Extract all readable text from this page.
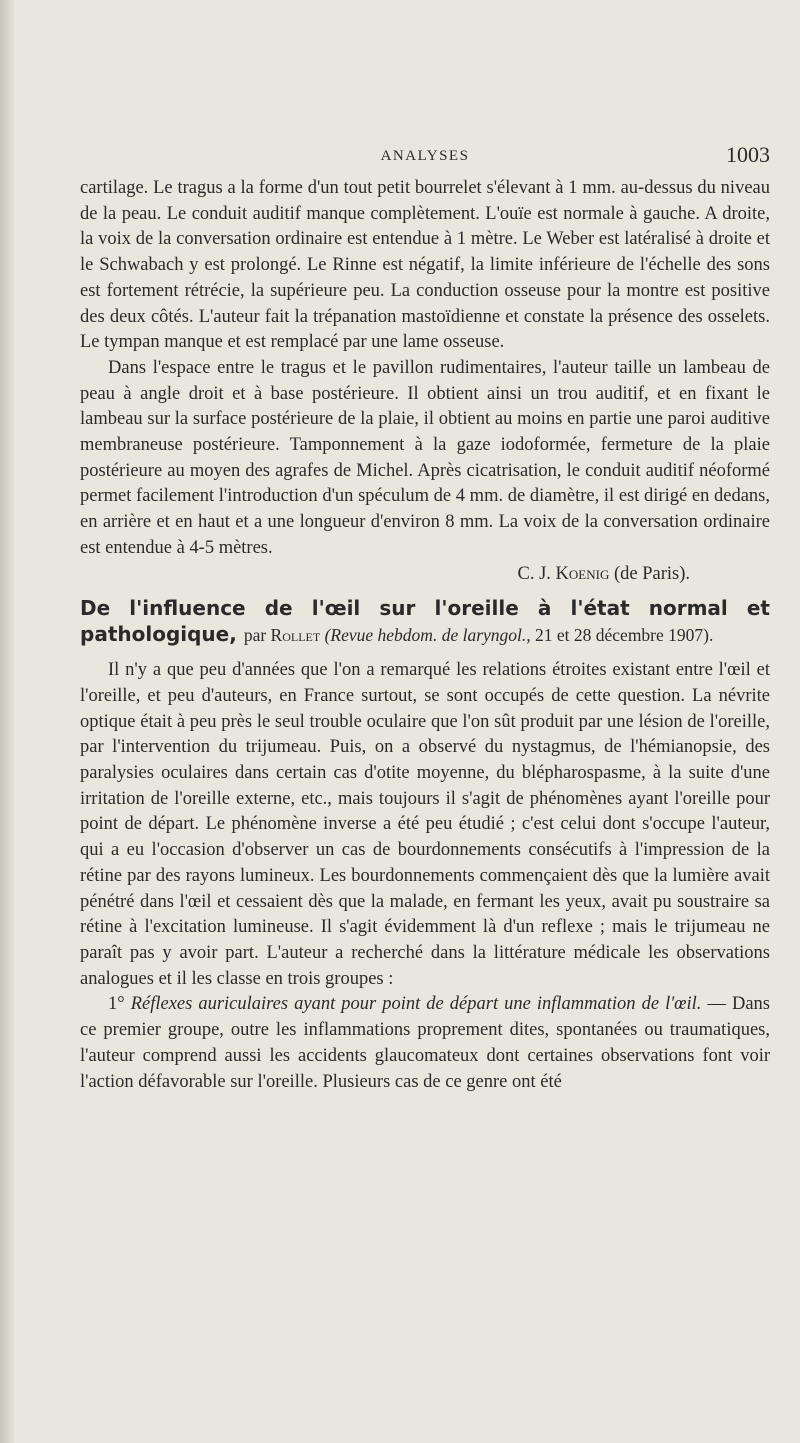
ANALYSES	1003

cartilage. Le tragus a la forme d'un tout petit bourrelet s'élevant à 1 mm. au-dessus du niveau de la peau. Le conduit auditif manque complètement. L'ouïe est normale à gauche. A droite, la voix de la conversation ordinaire est entendue à 1 mètre. Le Weber est latéralisé à droite et le Schwabach y est prolongé. Le Rinne est négatif, la limite inférieure de l'échelle des sons est fortement rétrécie, la supérieure peu. La conduction osseuse pour la montre est positive des deux côtés. L'auteur fait la trépanation mastoïdienne et constate la présence des osselets. Le tympan manque et est remplacé par une lame osseuse.

Dans l'espace entre le tragus et le pavillon rudimentaires, l'auteur taille un lambeau de peau à angle droit et à base postérieure. Il obtient ainsi un trou auditif, et en fixant le lambeau sur la surface postérieure de la plaie, il obtient au moins en partie une paroi auditive membraneuse postérieure. Tamponnement à la gaze iodoformée, fermeture de la plaie postérieure au moyen des agrafes de Michel. Après cicatrisation, le conduit auditif néoformé permet facilement l'introduction d'un spéculum de 4 mm. de diamètre, il est dirigé en dedans, en arrière et en haut et a une longueur d'environ 8 mm. La voix de la conversation ordinaire est entendue à 4-5 mètres.

C. J. Koenig (de Paris).
De l'influence de l'œil sur l'oreille à l'état normal et pathologique, par Rollet (Revue hebdom. de laryngol., 21 et 28 décembre 1907).

Il n'y a que peu d'années que l'on a remarqué les relations étroites existant entre l'œil et l'oreille, et peu d'auteurs, en France surtout, se sont occupés de cette question. La névrite optique était à peu près le seul trouble oculaire que l'on sût produit par une lésion de l'oreille, par l'intervention du trijumeau. Puis, on a observé du nystagmus, de l'hémianopsie, des paralysies oculaires dans certain cas d'otite moyenne, du blépharospasme, à la suite d'une irritation de l'oreille externe, etc., mais toujours il s'agit de phénomènes ayant l'oreille pour point de départ. Le phénomène inverse a été peu étudié ; c'est celui dont s'occupe l'auteur, qui a eu l'occasion d'observer un cas de bourdonnements consécutifs à l'impression de la rétine par des rayons lumineux. Les bourdonnements commençaient dès que la lumière avait pénétré dans l'œil et cessaient dès que la malade, en fermant les yeux, avait pu soustraire sa rétine à l'excitation lumineuse. Il s'agit évidemment là d'un reflexe ; mais le trijumeau ne paraît pas y avoir part. L'auteur a recherché dans la littérature médicale les observations analogues et il les classe en trois groupes :

1° Réflexes auriculaires ayant pour point de départ une inflammation de l'œil. — Dans ce premier groupe, outre les inflammations proprement dites, spontanées ou traumatiques, l'auteur comprend aussi les accidents glaucomateux dont certaines observations font voir l'action défavorable sur l'oreille. Plusieurs cas de ce genre ont été
